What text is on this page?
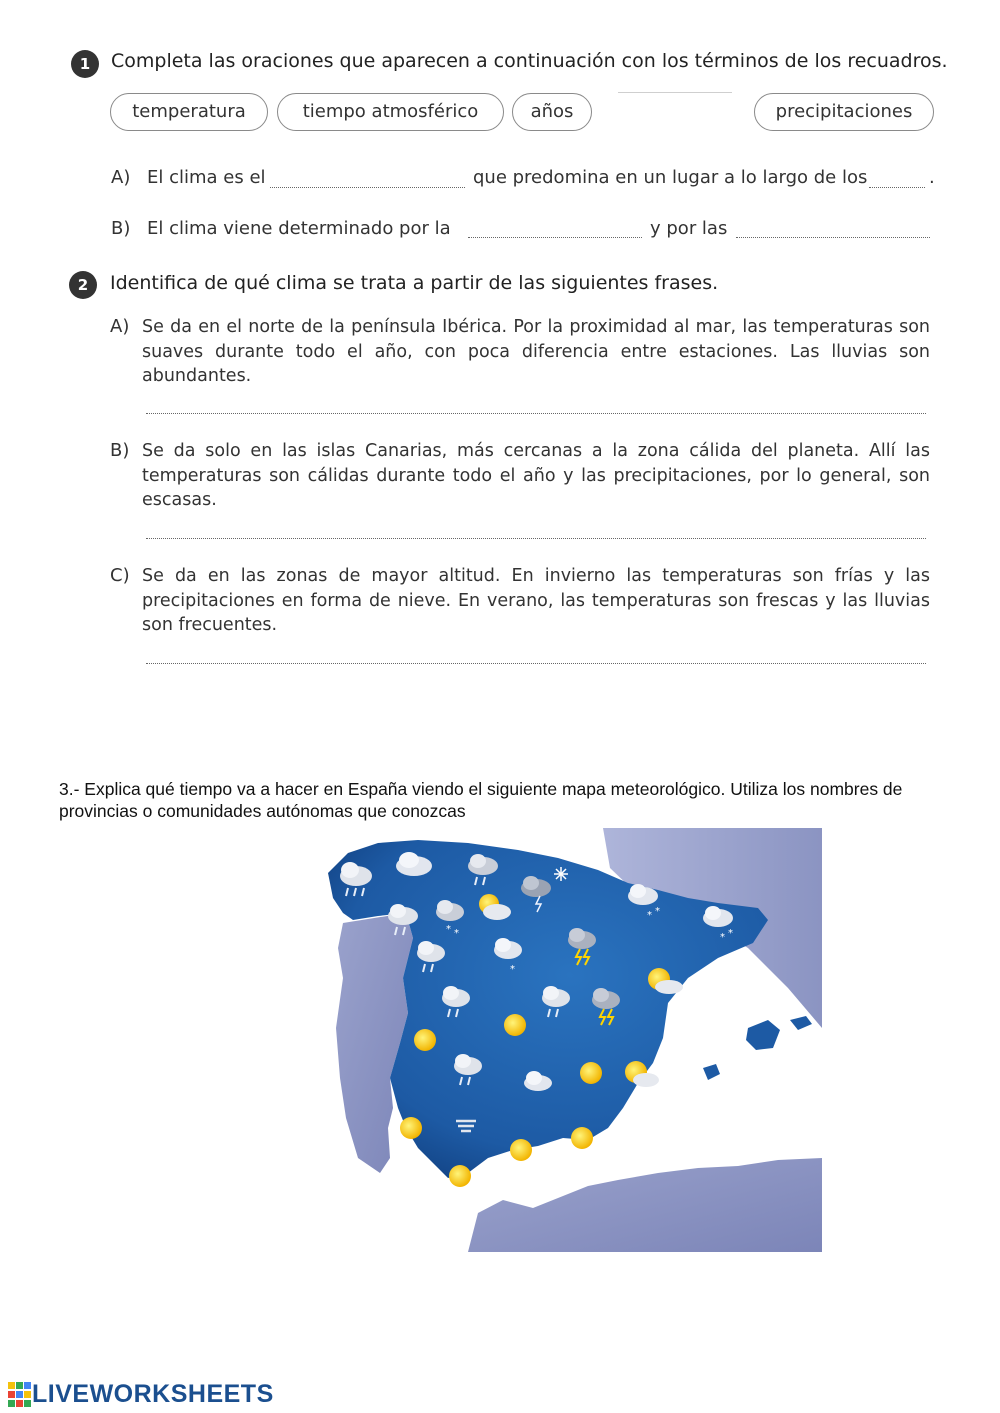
1	Completa las oraciones que aparecen a continuación con los términos de los recuadros.
temperatura	tiempo atmosférico	años	precipitaciones
A) El clima es el	que predomina en un lugar a lo largo de los	.
B) El clima viene determinado por la	y por las
2	Identifica de qué clima se trata a partir de las siguientes frases.
A) Se da en el norte de la península Ibérica. Por la proximidad al mar, las temperaturas son suaves durante todo el año, con poca diferencia entre estaciones. Las lluvias son abundantes.
B) Se da solo en las islas Canarias, más cercanas a la zona cálida del planeta. Allí las temperaturas son cálidas durante todo el año y las precipitaciones, por lo general, son escasas.
C) Se da en las zonas de mayor altitud. En invierno las temperaturas son frías y las precipitaciones en forma de nieve. En verano, las temperaturas son frescas y las lluvias son frecuentes.
3.- Explica qué tiempo va a hacer en España viendo el siguiente mapa meteorológico. Utiliza los nombres de provincias o comunidades autónomas que conozcas
* *
* *
* *
*
LIVEWORKSHEETS
